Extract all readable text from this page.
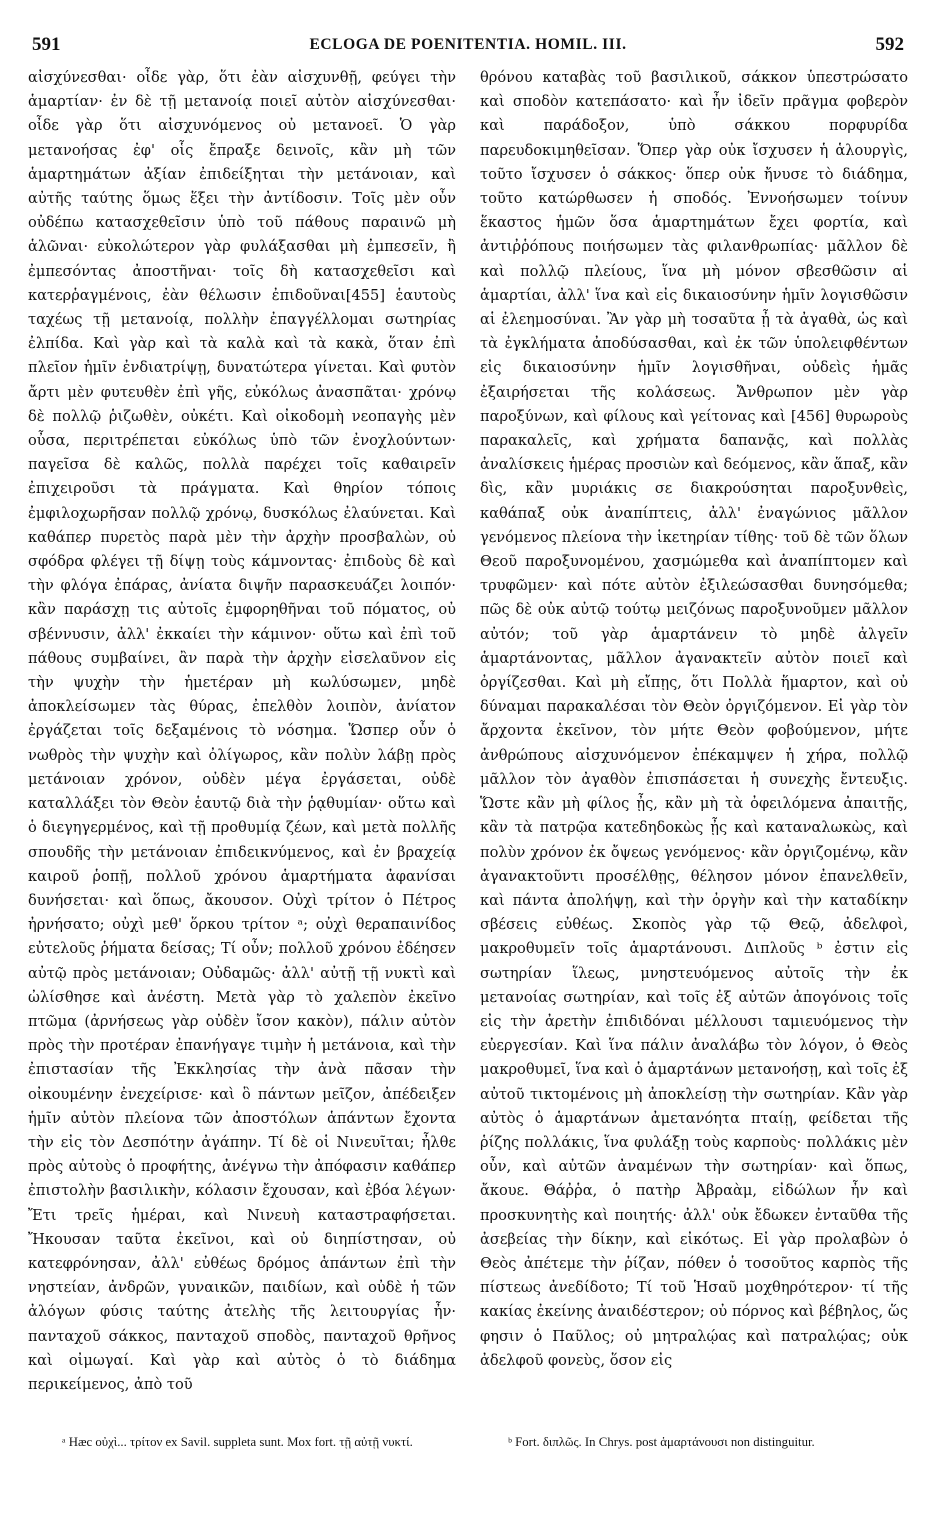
591	ECLOGA DE POENITENTIA. HOMIL. III.	592

αἰσχύνεσθαι· οἶδε γὰρ, ὅτι ἐὰν αἰσχυνθῇ, φεύγει τὴν ἁμαρτίαν· ἐν δὲ τῇ μετανοίᾳ ποιεῖ αὐτὸν αἰσχύνεσθαι· οἶδε γὰρ ὅτι αἰσχυνόμενος οὐ μετανοεῖ. Ὁ γὰρ μετανοήσας ἐφ' οἷς ἔπραξε δεινοῖς, κἂν μὴ τῶν ἁμαρτημάτων ἀξίαν ἐπιδείξηται τὴν μετάνοιαν, καὶ αὐτῆς ταύτης ὅμως ἕξει τὴν ἀντίδοσιν. Τοῖς μὲν οὖν οὐδέπω κατασχεθεῖσιν ὑπὸ τοῦ πάθους παραινῶ μὴ ἁλῶναι· εὐκολώτερον γὰρ φυλάξασθαι μὴ ἐμπεσεῖν, ἢ ἐμπεσόντας ἀποστῆναι· τοῖς δὴ κατασχεθεῖσι καὶ κατερῥαγμένοις, ἐὰν θέλωσιν ἐπιδοῦναι[455] ἑαυτοὺς ταχέως τῇ μετανοίᾳ, πολλὴν ἐπαγγέλλομαι σωτηρίας ἐλπίδα. Καὶ γὰρ καὶ τὰ καλὰ καὶ τὰ κακὰ, ὅταν ἐπὶ πλεῖον ἡμῖν ἐνδιατρίψῃ, δυνατώτερα γίνεται. Καὶ φυτὸν ἄρτι μὲν φυτευθὲν ἐπὶ γῆς, εὐκόλως ἀνασπᾶται· χρόνῳ δὲ πολλῷ ῥιζωθὲν, οὐκέτι. Καὶ οἰκοδομὴ νεοπαγὴς μὲν οὖσα, περιτρέπεται εὐκόλως ὑπὸ τῶν ἐνοχλούντων· παγεῖσα δὲ καλῶς, πολλὰ παρέχει τοῖς καθαιρεῖν ἐπιχειροῦσι τὰ πράγματα. Καὶ θηρίον τόποις ἐμφιλοχωρῆσαν πολλῷ χρόνῳ, δυσκόλως ἐλαύνεται. Καὶ καθάπερ πυρετὸς παρὰ μὲν τὴν ἀρχὴν προσβαλὼν, οὐ σφόδρα φλέγει τῇ δίψῃ τοὺς κάμνοντας· ἐπιδοὺς δὲ καὶ τὴν φλόγα ἐπάρας, ἀνίατα διψῆν παρασκευάζει λοιπόν· κἂν παράσχῃ τις αὐτοῖς ἐμφορηθῆναι τοῦ πόματος, οὐ σβέννυσιν, ἀλλ' ἐκκαίει τὴν κάμινον· οὕτω καὶ ἐπὶ τοῦ πάθους συμβαίνει, ἂν παρὰ τὴν ἀρχὴν εἰσελαῦνον εἰς τὴν ψυχὴν τὴν ἡμετέραν μὴ κωλύσωμεν, μηδὲ ἀποκλείσωμεν τὰς θύρας, ἐπελθὸν λοιπὸν, ἀνίατον ἐργάζεται τοῖς δεξαμένοις τὸ νόσημα. Ὥσπερ οὖν ὁ νωθρὸς τὴν ψυχὴν καὶ ὀλίγωρος, κἂν πολὺν λάβῃ πρὸς μετάνοιαν χρόνον, οὐδὲν μέγα ἐργάσεται, οὐδὲ καταλλάξει τὸν Θεὸν ἑαυτῷ διὰ τὴν ῥᾳθυμίαν· οὕτω καὶ ὁ διεγηγερμένος, καὶ τῇ προθυμίᾳ ζέων, καὶ μετὰ πολλῆς σπουδῆς τὴν μετάνοιαν ἐπιδεικνύμενος, καὶ ἐν βραχείᾳ καιροῦ ῥοπῇ, πολλοῦ χρόνου ἁμαρτήματα ἀφανίσαι δυνήσεται· καὶ ὅπως, ἄκουσον. Οὐχὶ τρίτον ὁ Πέτρος ἠρνήσατο; οὐχὶ μεθ' ὅρκου τρίτον ᵃ; οὐχὶ θεραπαινίδος εὐτελοῦς ῥήματα δείσας; Τί οὖν; πολλοῦ χρόνου ἐδέησεν αὐτῷ πρὸς μετάνοιαν; Οὐδαμῶς· ἀλλ' αὐτῇ τῇ νυκτὶ καὶ ὠλίσθησε καὶ ἀνέστη. Μετὰ γὰρ τὸ χαλεπὸν ἐκεῖνο πτῶμα (ἀρνήσεως γὰρ οὐδὲν ἴσον κακὸν), πάλιν αὐτὸν πρὸς τὴν προτέραν ἐπανήγαγε τιμὴν ἡ μετάνοια, καὶ τὴν ἐπιστασίαν τῆς Ἐκκλησίας τὴν ἀνὰ πᾶσαν τὴν οἰκουμένην ἐνεχείρισε· καὶ ὃ πάντων μεῖζον, ἀπέδειξεν ἡμῖν αὐτὸν πλείονα τῶν ἀποστόλων ἁπάντων ἔχοντα τὴν εἰς τὸν Δεσπότην ἀγάπην. Τί δὲ οἱ Νινευῖται; ἦλθε πρὸς αὐτοὺς ὁ προφήτης, ἀνέγνω τὴν ἀπόφασιν καθάπερ ἐπιστολὴν βασιλικὴν, κόλασιν ἔχουσαν, καὶ ἐβόα λέγων· Ἔτι τρεῖς ἡμέραι, καὶ Νινευὴ καταστραφήσεται. Ἤκουσαν ταῦτα ἐκεῖνοι, καὶ οὐ διηπίστησαν, οὐ κατεφρόνησαν, ἀλλ' εὐθέως δρόμος ἁπάντων ἐπὶ τὴν νηστείαν, ἀνδρῶν, γυναικῶν, παιδίων, καὶ οὐδὲ ἡ τῶν ἀλόγων φύσις ταύτης ἀτελὴς τῆς λειτουργίας ἦν· πανταχοῦ σάκκος, πανταχοῦ σποδὸς, πανταχοῦ θρῆνος καὶ οἰμωγαί. Καὶ γὰρ καὶ αὐτὸς ὁ τὸ διάδημα περικείμενος, ἀπὸ τοῦ

θρόνου καταβὰς τοῦ βασιλικοῦ, σάκκον ὑπεστρώσατο καὶ σποδὸν κατεπάσατο· καὶ ἦν ἰδεῖν πρᾶγμα φοβερὸν καὶ παράδοξον, ὑπὸ σάκκου πορφυρίδα παρευδοκιμηθεῖσαν. Ὅπερ γὰρ οὐκ ἴσχυσεν ἡ ἁλουργὶς, τοῦτο ἴσχυσεν ὁ σάκκος· ὅπερ οὐκ ἤνυσε τὸ διάδημα, τοῦτο κατώρθωσεν ἡ σποδός. Ἐννοήσωμεν τοίνυν ἕκαστος ἡμῶν ὅσα ἁμαρτημάτων ἔχει φορτία, καὶ ἀντιῤῥόπους ποιήσωμεν τὰς φιλανθρωπίας· μᾶλλον δὲ καὶ πολλῷ πλείους, ἵνα μὴ μόνον σβεσθῶσιν αἱ ἁμαρτίαι, ἀλλ' ἵνα καὶ εἰς δικαιοσύνην ἡμῖν λογισθῶσιν αἱ ἐλεημοσύναι. Ἂν γὰρ μὴ τοσαῦτα ᾖ τὰ ἀγαθὰ, ὡς καὶ τὰ ἐγκλήματα ἀποδύσασθαι, καὶ ἐκ τῶν ὑπολειφθέντων εἰς δικαιοσύνην ἡμῖν λογισθῆναι, οὐδεὶς ἡμᾶς ἐξαιρήσεται τῆς κολάσεως. Ἄνθρωπον μὲν γὰρ παροξύνων, καὶ φίλους καὶ γείτονας καὶ [456] θυρωροὺς παρακαλεῖς, καὶ χρήματα δαπανᾷς, καὶ πολλὰς ἀναλίσκεις ἡμέρας προσιὼν καὶ δεόμενος, κἂν ἅπαξ, κἂν δὶς, κἂν μυριάκις σε διακρούσηται παροξυνθεὶς, καθάπαξ οὐκ ἀναπίπτεις, ἀλλ' ἐναγώνιος μᾶλλον γενόμενος πλείονα τὴν ἱκετηρίαν τίθης· τοῦ δὲ τῶν ὅλων Θεοῦ παροξυνομένου, χασμώμεθα καὶ ἀναπίπτομεν καὶ τρυφῶμεν· καὶ πότε αὐτὸν ἐξιλεώσασθαι δυνησόμεθα; πῶς δὲ οὐκ αὐτῷ τούτῳ μειζόνως παροξυνοῦμεν μᾶλλον αὐτόν; τοῦ γὰρ ἁμαρτάνειν τὸ μηδὲ ἀλγεῖν ἁμαρτάνοντας, μᾶλλον ἀγανακτεῖν αὐτὸν ποιεῖ καὶ ὀργίζεσθαι. Καὶ μὴ εἴπῃς, ὅτι Πολλὰ ἥμαρτον, καὶ οὐ δύναμαι παρακαλέσαι τὸν Θεὸν ὀργιζόμενον. Εἰ γὰρ τὸν ἄρχοντα ἐκεῖνον, τὸν μήτε Θεὸν φοβούμενον, μήτε ἀνθρώπους αἰσχυνόμενον ἐπέκαμψεν ἡ χήρα, πολλῷ μᾶλλον τὸν ἀγαθὸν ἐπισπάσεται ἡ συνεχὴς ἔντευξις. Ὥστε κἂν μὴ φίλος ᾖς, κἂν μὴ τὰ ὀφειλόμενα ἀπαιτῇς, κἂν τὰ πατρῷα κατεδηδοκὼς ᾖς καὶ καταναλωκὼς, καὶ πολὺν χρόνον ἐκ ὄψεως γενόμενος· κἂν ὀργιζομένῳ, κἂν ἀγανακτοῦντι προσέλθῃς, θέλησον μόνον ἐπανελθεῖν, καὶ πάντα ἀπολήψῃ, καὶ τὴν ὀργὴν καὶ τὴν καταδίκην σβέσεις εὐθέως. Σκοπὸς γὰρ τῷ Θεῷ, ἀδελφοὶ, μακροθυμεῖν τοῖς ἁμαρτάνουσι. Διπλοῦς ᵇ ἐστιν εἰς σωτηρίαν ἵλεως, μνηστευόμενος αὐτοῖς τὴν ἐκ μετανοίας σωτηρίαν, καὶ τοῖς ἐξ αὐτῶν ἀπογόνοις τοῖς εἰς τὴν ἀρετὴν ἐπιδιδόναι μέλλουσι ταμιευόμενος τὴν εὐεργεσίαν. Καὶ ἵνα πάλιν ἀναλάβω τὸν λόγον, ὁ Θεὸς μακροθυμεῖ, ἵνα καὶ ὁ ἁμαρτάνων μετανοήσῃ, καὶ τοῖς ἐξ αὐτοῦ τικτομένοις μὴ ἀποκλείσῃ τὴν σωτηρίαν. Κἂν γὰρ αὐτὸς ὁ ἁμαρτάνων ἀμετανόητα πταίῃ, φείδεται τῆς ῥίζης πολλάκις, ἵνα φυλάξῃ τοὺς καρποὺς· πολλάκις μὲν οὖν, καὶ αὐτῶν ἀναμένων τὴν σωτηρίαν· καὶ ὅπως, ἄκουε. Θάῤῥα, ὁ πατὴρ Ἀβραὰμ, εἰδώλων ἦν καὶ προσκυνητὴς καὶ ποιητής· ἀλλ' οὐκ ἔδωκεν ἐνταῦθα τῆς ἀσεβείας τὴν δίκην, καὶ εἰκότως. Εἰ γὰρ προλαβὼν ὁ Θεὸς ἀπέτεμε τὴν ῥίζαν, πόθεν ὁ τοσοῦτος καρπὸς τῆς πίστεως ἀνεδίδοτο; Τί τοῦ Ἡσαῦ μοχθηρότερον· τί τῆς κακίας ἐκείνης ἀναιδέστερον; οὐ πόρνος καὶ βέβηλος, ὥς φησιν ὁ Παῦλος; οὐ μητραλῴας καὶ πατραλῴας; οὐκ ἀδελφοῦ φονεὺς, ὅσον εἰς

ᵃ Hæc οὐχὶ... τρίτον ex Savil. suppleta sunt. Mox fort. τῇ αὐτῇ νυκτί.	ᵇ Fort. διπλῶς. In Chrys. post ἁμαρτάνουσι non distinguitur.
